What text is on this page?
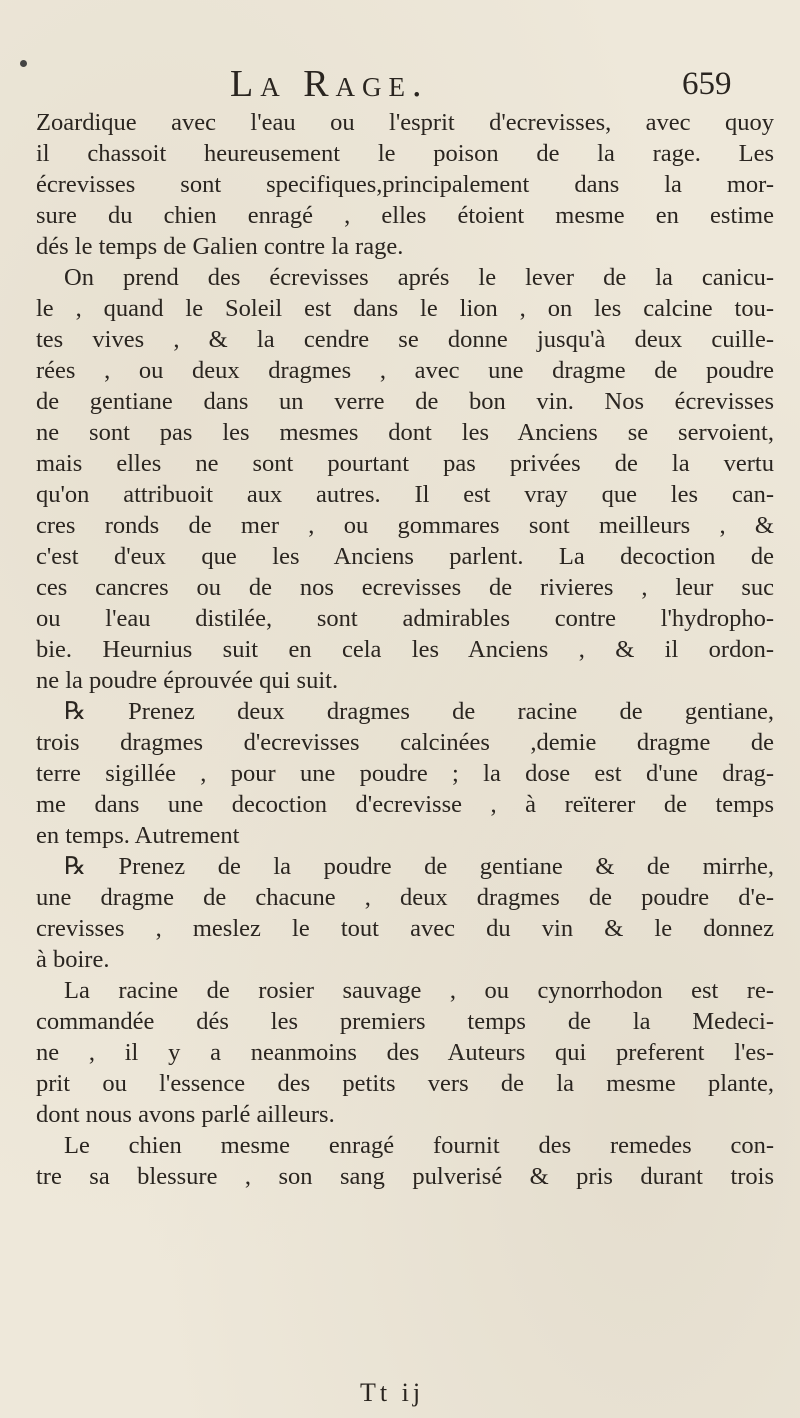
La Rage.	659
Zoardique avec l'eau ou l'esprit d'ecrevisses, avec quoy
il chassoit heureusement le poison de la rage. Les
écrevisses sont specifiques,principalement dans la mor-
sure du chien enragé , elles étoient mesme en estime
dés le temps de Galien contre la rage.
On prend des écrevisses aprés le lever de la canicu-
le , quand le Soleil est dans le lion , on les calcine tou-
tes vives , & la cendre se donne jusqu'à deux cuille-
rées , ou deux dragmes , avec une dragme de poudre
de gentiane dans un verre de bon vin. Nos écrevisses
ne sont pas les mesmes dont les Anciens se servoient,
mais elles ne sont pourtant pas privées de la vertu
qu'on attribuoit aux autres. Il est vray que les can-
cres ronds de mer , ou gommares sont meilleurs , &
c'est d'eux que les Anciens parlent. La decoction de
ces cancres ou de nos ecrevisses de rivieres , leur suc
ou l'eau distilée, sont admirables contre l'hydropho-
bie. Heurnius suit en cela les Anciens , & il ordon-
ne la poudre éprouvée qui suit.
℞ Prenez deux dragmes de racine de gentiane,
trois dragmes d'ecrevisses calcinées ,demie dragme de
terre sigillée , pour une poudre ; la dose est d'une drag-
me dans une decoction d'ecrevisse , à reïterer de temps
en temps. Autrement
℞ Prenez de la poudre de gentiane & de mirrhe,
une dragme de chacune , deux dragmes de poudre d'e-
crevisses , meslez le tout avec du vin & le donnez
à boire.
La racine de rosier sauvage , ou cynorrhodon est re-
commandée dés les premiers temps de la Medeci-
ne , il y a neanmoins des Auteurs qui preferent l'es-
prit ou l'essence des petits vers de la mesme plante,
dont nous avons parlé ailleurs.
Le chien mesme enragé fournit des remedes con-
tre sa blessure , son sang pulverisé & pris durant trois
Tt ij
